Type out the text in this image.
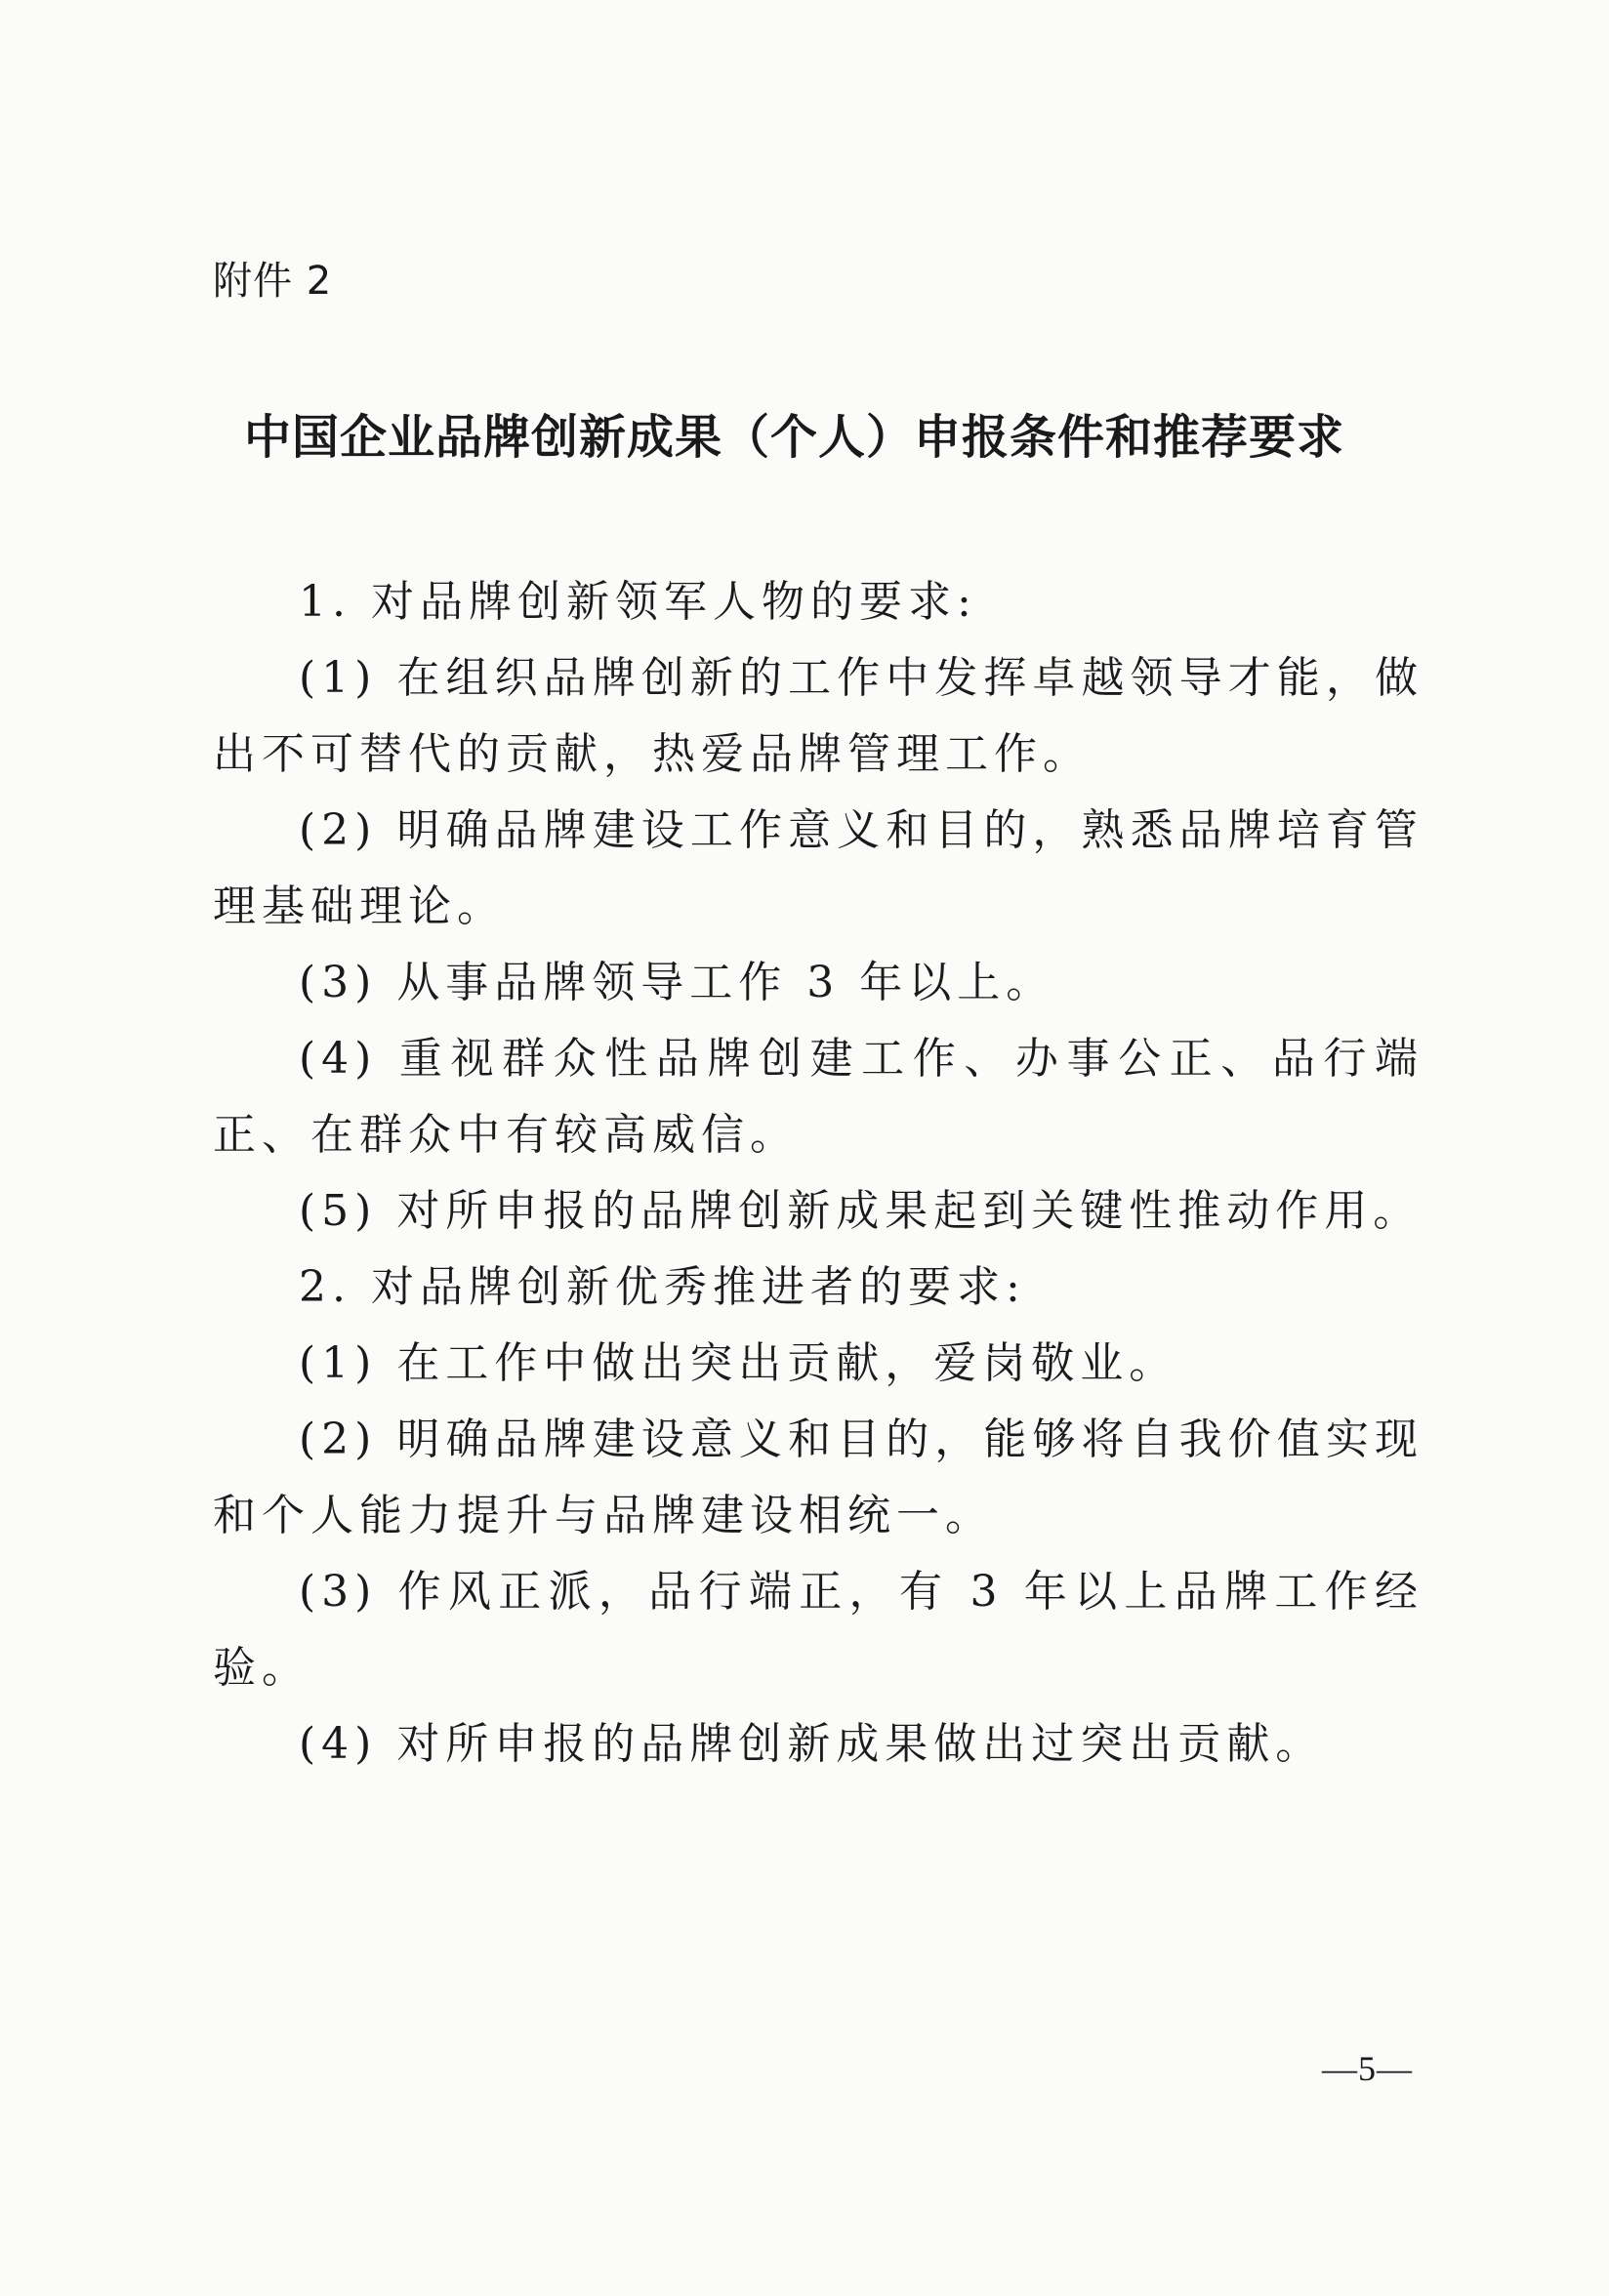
附件 2
中国企业品牌创新成果（个人）申报条件和推荐要求

1. 对品牌创新领军人物的要求:

(1) 在组织品牌创新的工作中发挥卓越领导才能，做出不可替代的贡献，热爱品牌管理工作。

(2) 明确品牌建设工作意义和目的，熟悉品牌培育管理基础理论。

(3) 从事品牌领导工作 3 年以上。

(4) 重视群众性品牌创建工作、办事公正、品行端正、在群众中有较高威信。

(5) 对所申报的品牌创新成果起到关键性推动作用。

2. 对品牌创新优秀推进者的要求:

(1) 在工作中做出突出贡献，爱岗敬业。

(2) 明确品牌建设意义和目的，能够将自我价值实现和个人能力提升与品牌建设相统一。

(3) 作风正派，品行端正，有 3 年以上品牌工作经验。

(4) 对所申报的品牌创新成果做出过突出贡献。

—5—
